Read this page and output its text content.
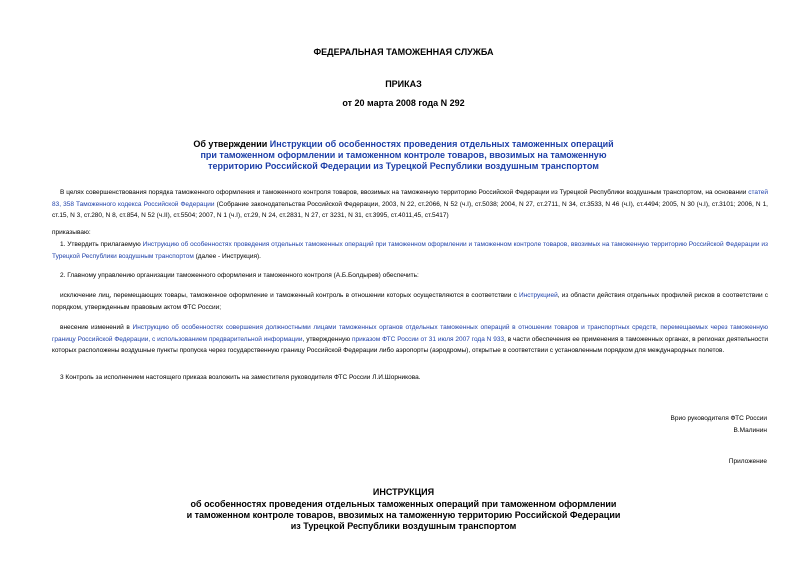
ФЕДЕРАЛЬНАЯ ТАМОЖЕННАЯ СЛУЖБА
ПРИКАЗ
от 20 марта 2008 года N 292
Об утверждении Инструкции об особенностях проведения отдельных таможенных операций
при таможенном оформлении и таможенном контроле товаров, ввозимых на таможенную
территорию Российской Федерации из Турецкой Республики воздушным транспортом
В целях совершенствования порядка таможенного оформления и таможенного контроля товаров, ввозимых на таможенную территорию Российской Федерации из Турецкой Республики воздушным транспортом, на основании статей 83, 358 Таможенного кодекса Российской Федерации (Собрание законодательства Российской Федерации, 2003, N 22, ст.2066, N 52 (ч.I), ст.5038; 2004, N 27, ст.2711, N 34, ст.3533, N 46 (ч.I), ст.4494; 2005, N 30 (ч.I), ст.3101; 2006, N 1, ст.15, N 3, ст.280, N 8, ст.854, N 52 (ч.II), ст.5504; 2007, N 1 (ч.I), ст.29, N 24, ст.2831, N 27, ст 3231, N 31, ст.3995, ст.4011,45, ст.5417)
приказываю:
1. Утвердить прилагаемую Инструкцию об особенностях проведения отдельных таможенных операций при таможенном оформлении и таможенном контроле товаров, ввозимых на таможенную территорию Российской Федерации из Турецкой Республики воздушным транспортом (далее - Инструкция).
2. Главному управлению организации таможенного оформления и таможенного контроля (А.Б.Болдырев) обеспечить:
исключение лиц, перемещающих товары, таможенное оформление и таможенный контроль в отношении которых осуществляются в соответствии с Инструкцией, из области действия отдельных профилей рисков в соответствии с порядком, утвержденным правовым актом ФТС России;
внесение изменений в Инструкцию об особенностях совершения должностными лицами таможенных органов отдельных таможенных операций в отношении товаров и транспортных средств, перемещаемых через таможенную границу Российской Федерации, с использованием предварительной информации, утвержденную приказом ФТС России от 31 июля 2007 года N 933, в части обеспечения ее применения в таможенных органах, в регионах деятельности которых расположены воздушные пункты пропуска через государственную границу Российской Федерации либо аэропорты (аэродромы), открытые в соответствии с установленным порядком для международных полетов.
3 Контроль за исполнением настоящего приказа возложить на заместителя руководителя ФТС России Л.И.Шорникова.
Врио руководителя ФТС России
В.Малинин
Приложение
ИНСТРУКЦИЯ
об особенностях проведения отдельных таможенных операций при таможенном оформлении
и таможенном контроле товаров, ввозимых на таможенную территорию Российской Федерации
из Турецкой Республики воздушным транспортом
